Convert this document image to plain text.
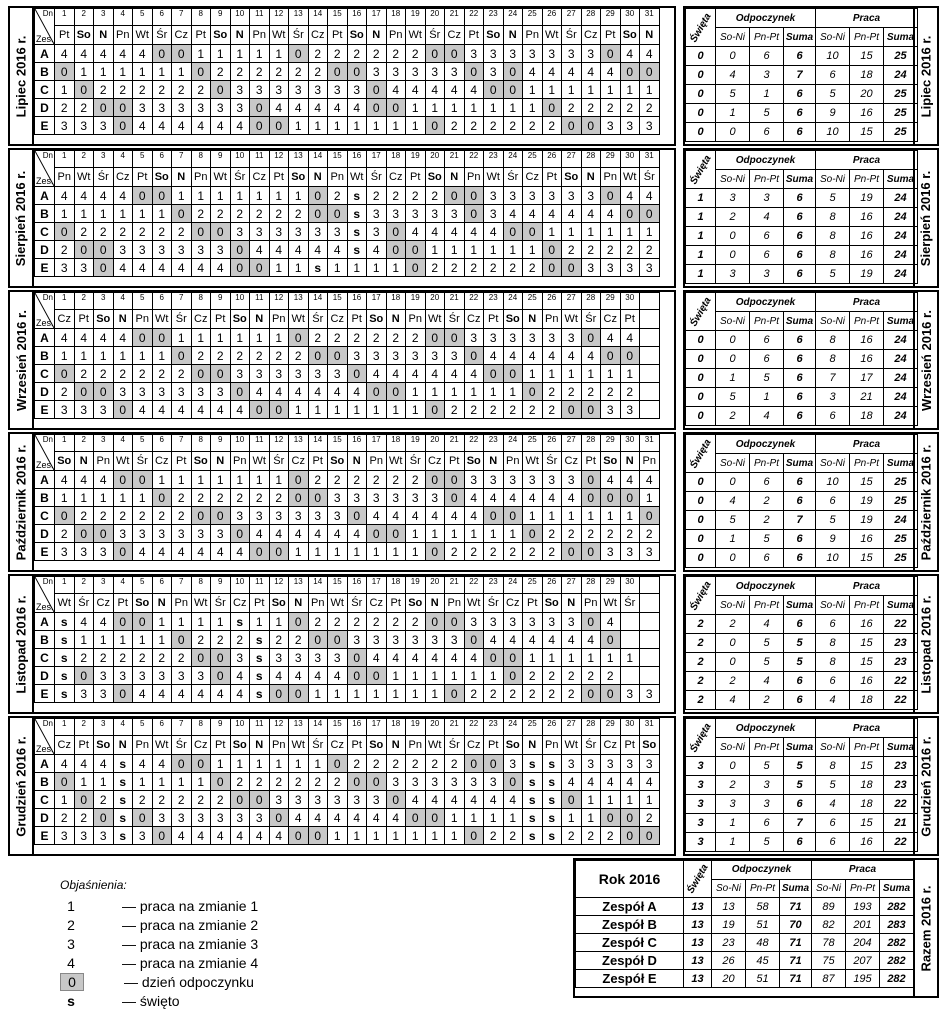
Lipiec 2016 r.
Dn
Zes.	1	2	3	4	5	6	7	8	9	10	11	12	13	14	15	16	17	18	19	20	21	22	23	24	25	26	27	28	29	30	31
	Pt	So	N	Pn	Wt	Śr	Cz	Pt	So	N	Pn	Wt	Śr	Cz	Pt	So	N	Pn	Wt	Śr	Cz	Pt	So	N	Pn	Wt	Śr	Cz	Pt	So	N
A	4	4	4	4	4	0	0	1	1	1	1	1	0	2	2	2	2	2	2	0	0	3	3	3	3	3	3	3	0	4	4
B	0	1	1	1	1	1	1	0	2	2	2	2	2	2	0	0	3	3	3	3	3	0	3	0	4	4	4	4	4	0	0
C	1	0	2	2	2	2	2	2	0	3	3	3	3	3	3	3	0	4	4	4	4	4	0	0	1	1	1	1	1	1	1
D	2	2	0	0	3	3	3	3	3	3	0	4	4	4	4	4	0	0	1	1	1	1	1	1	1	0	2	2	2	2	2
E	3	3	3	0	4	4	4	4	4	4	0	0	1	1	1	1	1	1	1	0	2	2	2	2	2	2	0	0	3	3	3
Lipiec 2016 r.
Święta	Odpoczynek			Praca		
	So-Ni	Pn-Pt	Suma	So-Ni	Pn-Pt	Suma
0	0	6	6	10	15	25
0	4	3	7	6	18	24
0	5	1	6	5	20	25
0	1	5	6	9	16	25
0	0	6	6	10	15	25
Sierpień 2016 r.
Dn
Zes.	1	2	3	4	5	6	7	8	9	10	11	12	13	14	15	16	17	18	19	20	21	22	23	24	25	26	27	28	29	30	31
	Pn	Wt	Śr	Cz	Pt	So	N	Pn	Wt	Śr	Cz	Pt	So	N	Pn	Wt	Śr	Cz	Pt	So	N	Pn	Wt	Śr	Cz	Pt	So	N	Pn	Wt	Śr
A	4	4	4	4	0	0	1	1	1	1	1	1	1	0	2	s	2	2	2	2	0	0	3	3	3	3	3	3	0	4	4
B	1	1	1	1	1	1	0	2	2	2	2	2	2	0	0	s	3	3	3	3	3	0	3	4	4	4	4	4	4	0	0
C	0	2	2	2	2	2	2	0	0	3	3	3	3	3	3	s	3	0	4	4	4	4	4	0	0	1	1	1	1	1	1
D	2	0	0	3	3	3	3	3	3	0	4	4	4	4	4	s	4	0	0	1	1	1	1	1	1	0	2	2	2	2	2
E	3	3	0	4	4	4	4	4	4	0	0	1	1	s	1	1	1	1	0	2	2	2	2	2	2	0	0	3	3	3	3
Sierpień 2016 r.
Święta	Odpoczynek			Praca		
	So-Ni	Pn-Pt	Suma	So-Ni	Pn-Pt	Suma
1	3	3	6	5	19	24
1	2	4	6	8	16	24
1	0	6	6	8	16	24
1	0	6	6	8	16	24
1	3	3	6	5	19	24
Wrzesień 2016 r.
Dn
Zes.	1	2	3	4	5	6	7	8	9	10	11	12	13	14	15	16	17	18	19	20	21	22	23	24	25	26	27	28	29	30	
	Cz	Pt	So	N	Pn	Wt	Śr	Cz	Pt	So	N	Pn	Wt	Śr	Cz	Pt	So	N	Pn	Wt	Śr	Cz	Pt	So	N	Pn	Wt	Śr	Cz	Pt	
A	4	4	4	4	0	0	1	1	1	1	1	1	0	2	2	2	2	2	2	0	0	3	3	3	3	3	3	0	4	4	
B	1	1	1	1	1	1	0	2	2	2	2	2	2	0	0	3	3	3	3	3	3	0	4	4	4	4	4	4	0	0	
C	0	2	2	2	2	2	2	0	0	3	3	3	3	3	3	0	4	4	4	4	4	4	0	0	1	1	1	1	1	1	
D	2	0	0	3	3	3	3	3	3	0	4	4	4	4	4	4	0	0	1	1	1	1	1	1	0	2	2	2	2	2	
E	3	3	3	0	4	4	4	4	4	4	0	0	1	1	1	1	1	1	1	0	2	2	2	2	2	2	0	0	3	3		Wrzesień 2016 r.
Święta	Odpoczynek			Praca		
	So-Ni	Pn-Pt	Suma	So-Ni	Pn-Pt	Suma
0	0	6	6	8	16	24
0	0	6	6	8	16	24
0	1	5	6	7	17	24
0	5	1	6	3	21	24
0	2	4	6	6	18	24
Październik 2016 r.
Dn
Zes.	1	2	3	4	5	6	7	8	9	10	11	12	13	14	15	16	17	18	19	20	21	22	23	24	25	26	27	28	29	30	31
	So	N	Pn	Wt	Śr	Cz	Pt	So	N	Pn	Wt	Śr	Cz	Pt	So	N	Pn	Wt	Śr	Cz	Pt	So	N	Pn	Wt	Śr	Cz	Pt	So	N	Pn
A	4	4	4	0	0	1	1	1	1	1	1	1	0	2	2	2	2	2	2	0	0	3	3	3	3	3	3	0	4	4	4
B	1	1	1	1	1	0	2	2	2	2	2	2	0	0	3	3	3	3	3	3	0	4	4	4	4	4	4	0	0	0	1
C	0	2	2	2	2	2	2	0	0	3	3	3	3	3	3	0	4	4	4	4	4	4	0	0	1	1	1	1	1	1	0
D	2	0	0	3	3	3	3	3	3	0	4	4	4	4	4	4	0	0	1	1	1	1	1	1	0	2	2	2	2	2	2
E	3	3	3	0	4	4	4	4	4	4	0	0	1	1	1	1	1	1	1	0	2	2	2	2	2	2	0	0	3	3	3	Październik 2016 r.
Święta	Odpoczynek			Praca		
	So-Ni	Pn-Pt	Suma	So-Ni	Pn-Pt	Suma
0	0	6	6	10	15	25
0	4	2	6	6	19	25
0	5	2	7	5	19	24
0	1	5	6	9	16	25
0	0	6	6	10	15	25
Listopad 2016 r.
Dn
Zes.	1	2	3	4	5	6	7	8	9	10	11	12	13	14	15	16	17	18	19	20	21	22	23	24	25	26	27	28	29	30	
	Wt	Śr	Cz	Pt	So	N	Pn	Wt	Śr	Cz	Pt	So	N	Pn	Wt	Śr	Cz	Pt	So	N	Pn	Wt	Śr	Cz	Pt	So	N	Pn	Wt	Śr	
A	s	4	4	0	0	1	1	1	1	s	1	1	0	2	2	2	2	2	2	0	0	3	3	3	3	3	3	0	4		
B	s	1	1	1	1	1	0	2	2	2	s	2	2	0	0	3	3	3	3	3	3	0	4	4	4	4	4	4	0		
C	s	2	2	2	2	2	2	0	0	3	s	3	3	3	3	0	4	4	4	4	4	4	0	0	1	1	1	1	1	1	
D	s	0	3	3	3	3	3	3	0	4	s	4	4	4	4	0	0	1	1	1	1	1	1	0	2	2	2	2	2		
E	s	3	3	0	4	4	4	4	4	4	s	0	0	1	1	1	1	1	1	1	0	2	2	2	2	2	2	0	0	3	3
Listopad 2016 r.
Święta	Odpoczynek			Praca		
	So-Ni	Pn-Pt	Suma	So-Ni	Pn-Pt	Suma
2	2	4	6	6	16	22
2	0	5	5	8	15	23
2	0	5	5	8	15	23
2	2	4	6	6	16	22
2	4	2	6	4	18	22
Grudzień 2016 r.
Dn
Zes.	1	2	3	4	5	6	7	8	9	10	11	12	13	14	15	16	17	18	19	20	21	22	23	24	25	26	27	28	29	30	31
	Cz	Pt	So	N	Pn	Wt	Śr	Cz	Pt	So	N	Pn	Wt	Śr	Cz	Pt	So	N	Pn	Wt	Śr	Cz	Pt	So	N	Pn	Wt	Śr	Cz	Pt	So
A	4	4	4	s	4	4	0	0	1	1	1	1	1	1	0	2	2	2	2	2	2	0	0	3	s	s	3	3	3	3	3
B	0	1	1	s	1	1	1	1	0	2	2	2	2	2	2	0	0	3	3	3	3	3	3	0	s	s	4	4	4	4	4
C	1	0	2	s	2	2	2	2	2	0	0	3	3	3	3	3	3	0	4	4	4	4	4	4	s	s	0	1	1	1	1
D	2	2	0	s	0	3	3	3	3	3	3	0	4	4	4	4	4	4	0	0	1	1	1	1	s	s	1	1	0	0	2
E	3	3	3	s	3	0	4	4	4	4	4	4	0	0	1	1	1	1	1	1	1	0	2	2	s	s	2	2	2	0	0	Grudzień 2016 r.
Święta	Odpoczynek			Praca		
	So-Ni	Pn-Pt	Suma	So-Ni	Pn-Pt	Suma
3	0	5	5	8	15	23
3	2	3	5	5	18	23
3	3	3	6	4	18	22
3	1	6	7	6	15	21
3	1	5	6	6	16	22
Razem 2016 r.
Rok 2016	Święta	Odpoczynek			Praca		
		So-Ni	Pn-Pt	Suma	So-Ni	Pn-Pt	Suma
Zespół A	13	13	58	71	89	193	282
Zespół B	13	19	51	70	82	201	283
Zespół C	13	23	48	71	78	204	282
Zespół D	13	26	45	71	75	207	282
Zespół E	13	20	51	71	87	195	282
Objaśnienia:
1	— praca na zmianie 1
2	— praca na zmianie 2
3	— praca na zmianie 3
4	— praca na zmianie 4
0	— dzień odpoczynku
s	— święto
